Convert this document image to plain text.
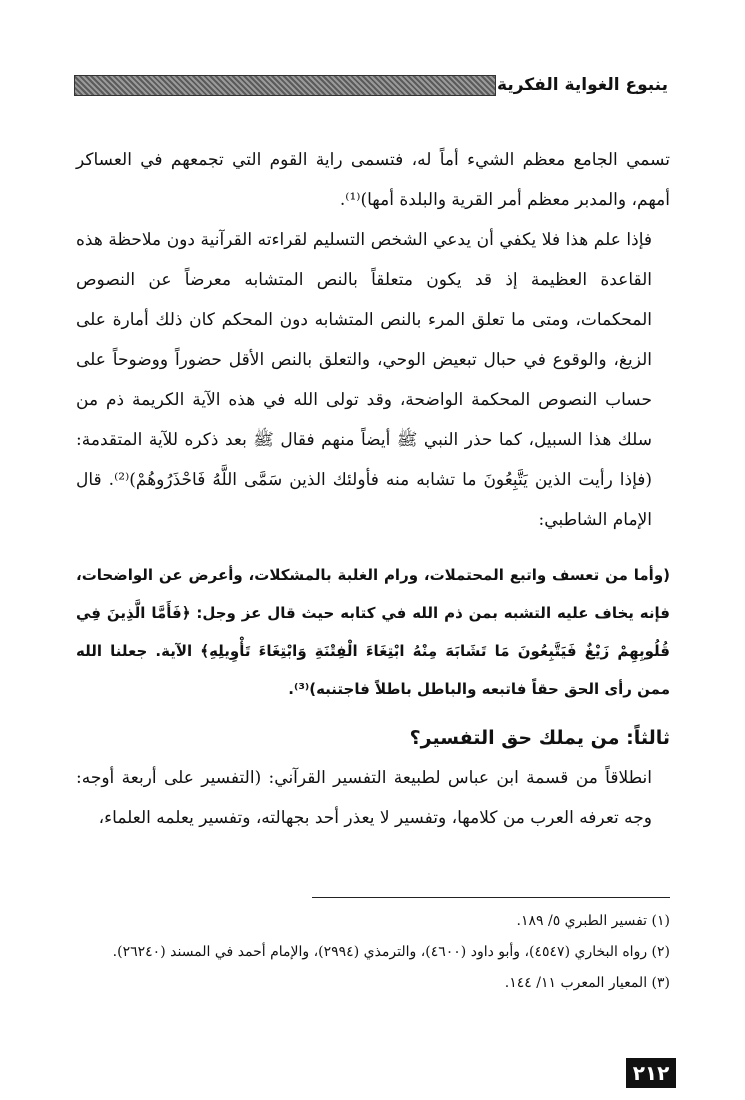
ينبوع الغواية الفكرية

تسمي الجامع معظم الشيء أماً له، فتسمى راية القوم التي تجمعهم في العساكر أمهم، والمدبر معظم أمر القرية والبلدة أمها)⁽¹⁾.

فإذا علم هذا فلا يكفي أن يدعي الشخص التسليم لقراءته القرآنية دون ملاحظة هذه القاعدة العظيمة إذ قد يكون متعلقاً بالنص المتشابه معرضاً عن النصوص المحكمات، ومتى ما تعلق المرء بالنص المتشابه دون المحكم كان ذلك أمارة على الزيغ، والوقوع في حبال تبعيض الوحي، والتعلق بالنص الأقل حضوراً ووضوحاً على حساب النصوص المحكمة الواضحة، وقد تولى الله في هذه الآية الكريمة ذم من سلك هذا السبيل، كما حذر النبي ﷺ أيضاً منهم فقال ﷺ بعد ذكره للآية المتقدمة: (فإذا رأيت الذين يَتَّبِعُونَ ما تشابه منه فأولئك الذين سَمَّى اللَّهُ فَاحْذَرُوهُمْ)⁽²⁾. قال الإمام الشاطبي:

(وأما من تعسف واتبع المحتملات، ورام الغلبة بالمشكلات، وأعرض عن الواضحات، فإنه يخاف عليه التشبه بمن ذم الله في كتابه حيث قال عز وجل: ﴿فَأَمَّا الَّذِينَ فِي قُلُوبِهِمْ زَيْغٌ فَيَتَّبِعُونَ مَا تَشَابَهَ مِنْهُ ابْتِغَاءَ الْفِتْنَةِ وَابْتِغَاءَ تَأْوِيلِهِ﴾ الآية. جعلنا الله ممن رأى الحق حقاً فاتبعه والباطل باطلاً فاجتنبه)⁽³⁾.

ثالثاً: من يملك حق التفسير؟

انطلاقاً من قسمة ابن عباس لطبيعة التفسير القرآني: (التفسير على أربعة أوجه: وجه تعرفه العرب من كلامها، وتفسير لا يعذر أحد بجهالته، وتفسير يعلمه العلماء،

(١) تفسير الطبري ٥/ ١٨٩.

(٢) رواه البخاري (٤٥٤٧)، وأبو داود (٤٦٠٠)، والترمذي (٢٩٩٤)، والإمام أحمد في المسند (٢٦٢٤٠).

(٣) المعيار المعرب ١١/ ١٤٤.

٢١٢
